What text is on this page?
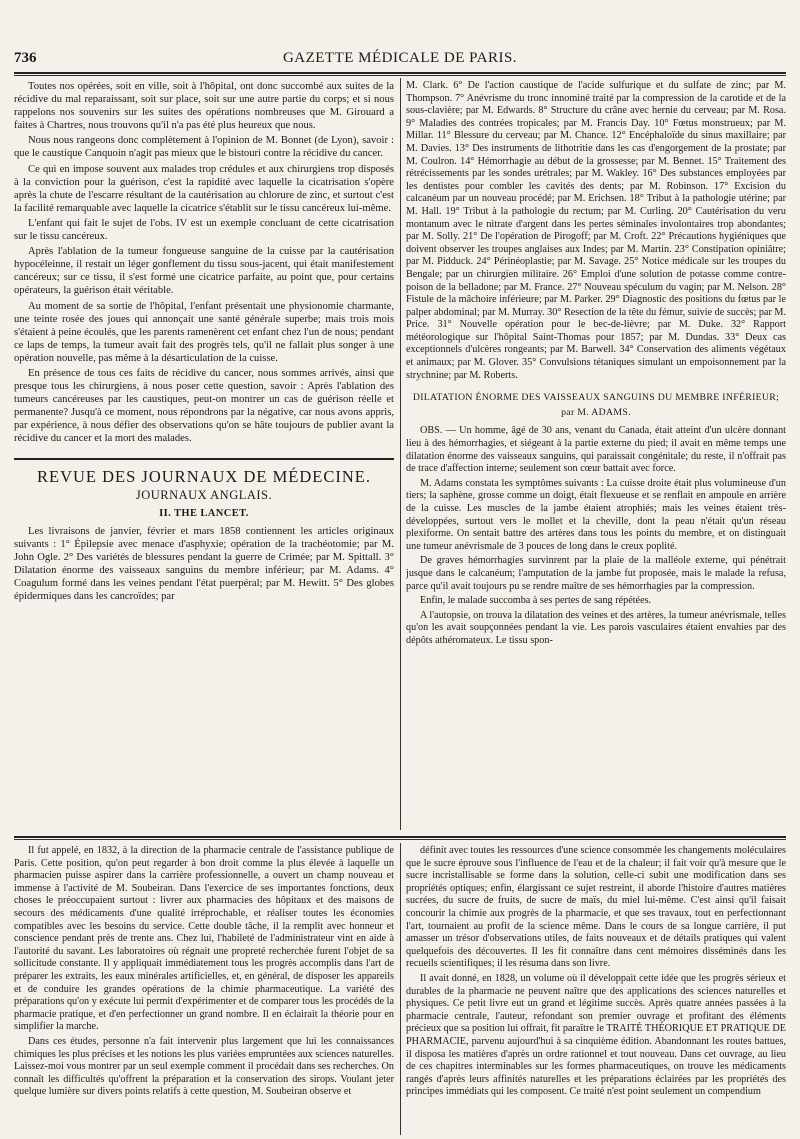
736	GAZETTE MÉDICALE DE PARIS.

Toutes nos opérées, soit en ville, soit à l'hôpital, ont donc succombé aux suites de la récidive du mal reparaissant, soit sur place, soit sur une autre partie du corps; et si nous rappelons nos souvenirs sur les suites des opérations nombreuses que M. Girouard a faites à Chartres, nous trouvons qu'il n'a pas été plus heureux que nous.

Nous nous rangeons donc complètement à l'opinion de M. Bonnet (de Lyon), savoir : que le caustique Canquoin n'agit pas mieux que le bistouri contre la récidive du cancer.

Ce qui en impose souvent aux malades trop crédules et aux chirurgiens trop disposés à la conviction pour la guérison, c'est la rapidité avec laquelle la cicatrisation s'opère après la chute de l'escarre résultant de la cautérisation au chlorure de zinc, et surtout c'est la facilité remarquable avec laquelle la cicatrice s'établit sur le tissu cancéreux lui-même.

L'enfant qui fait le sujet de l'obs. IV est un exemple concluant de cette cicatrisation sur le tissu cancéreux.

Après l'ablation de la tumeur fongueuse sanguine de la cuisse par la cautérisation hypocéleinne, il restait un léger gonflement du tissu sous-jacent, qui était manifestement cancéreux; sur ce tissu, il s'est formé une cicatrice parfaite, au point que, pour certains opérateurs, la guérison était véritable.

Au moment de sa sortie de l'hôpital, l'enfant présentait une physionomie charmante, une teinte rosée des joues qui annonçait une santé générale superbe; mais trois mois s'étaient à peine écoulés, que les parents ramenèrent cet enfant chez l'un de nous; pendant ce laps de temps, la tumeur avait fait des progrès tels, qu'il ne fallait plus songer à une opération nouvelle, pas même à la désarticulation de la cuisse.

En présence de tous ces faits de récidive du cancer, nous sommes arrivés, ainsi que presque tous les chirurgiens, à nous poser cette question, savoir : Après l'ablation des tumeurs cancéreuses par les caustiques, peut-on montrer un cas de guérison réelle et permanente? Jusqu'à ce moment, nous répondrons par la négative, car nous avons appris, par expérience, à nous défier des observations qu'on se hâte toujours de publier avant la récidive du cancer et la mort des malades.

REVUE DES JOURNAUX DE MÉDECINE.
JOURNAUX ANGLAIS.
II. THE LANCET.

Les livraisons de janvier, février et mars 1858 contiennent les articles originaux suivants : 1° Épilepsie avec menace d'asphyxie; opération de la trachéotomie; par M. John Ogle. 2° Des variétés de blessures pendant la guerre de Crimée; par M. Spittall. 3° Dilatation énorme des vaisseaux sanguins du membre inférieur; par M. Adams. 4° Coagulum formé dans les veines pendant l'état puerpéral; par M. Hewitt. 5° Des globes épidermiques dans les cancroïdes; par

M. Clark. 6° De l'action caustique de l'acide sulfurique et du sulfate de zinc; par M. Thompson. 7° Anévrisme du tronc innominé traité par la compression de la carotide et de la sous-clavière; par M. Edwards. 8° Structure du crâne avec hernie du cerveau; par M. Rosa. 9° Maladies des contrées tropicales; par M. Francis Day. 10° Fœtus monstrueux; par M. Millar. 11° Blessure du cerveau; par M. Chance. 12° Encéphaloïde du sinus maxillaire; par M. Davies. 13° Des instruments de lithotritie dans les cas d'engorgement de la prostate; par M. Coulron. 14° Hémorrhagie au début de la grossesse; par M. Bennet. 15° Traitement des rétrécissements par les sondes urétrales; par M. Wakley. 16° Des substances employées par les dentistes pour combler les cavités des dents; par M. Robinson. 17° Excision du calcanéum par un nouveau procédé; par M. Erichsen. 18° Tribut à la pathologie utérine; par M. Hall. 19° Tribut à la pathologie du rectum; par M. Curling. 20° Cautérisation du veru montanum avec le nitrate d'argent dans les pertes séminales involontaires trop abondantes; par M. Solly. 21° De l'opération de Pirogoff; par M. Croft. 22° Précautions hygiéniques que doivent observer les troupes anglaises aux Indes; par M. Martin. 23° Constipation opiniâtre; par M. Pidduck. 24° Périnéoplastie; par M. Savage. 25° Notice médicale sur les troupes du Bengale; par un chirurgien militaire. 26° Emploi d'une solution de potasse comme contre-poison de la belladone; par M. France. 27° Nouveau spéculum du vagin; par M. Nelson. 28° Fistule de la mâchoire inférieure; par M. Parker. 29° Diagnostic des positions du fœtus par le palper abdominal; par M. Murray. 30° Resection de la tête du fémur, suivie de succès; par M. Price. 31° Nouvelle opération pour le bec-de-lièvre; par M. Duke. 32° Rapport météorologique sur l'hôpital Saint-Thomas pour 1857; par M. Dundas. 33° Deux cas exceptionnels d'ulcères rongeants; par M. Barwell. 34° Conservation des aliments végétaux et animaux; par M. Glover. 35° Convulsions tétaniques simulant un empoisonnement par la strychnine; par M. Roberts.

DILATATION ÉNORME DES VAISSEAUX SANGUINS DU MEMBRE INFÉRIEUR;
par M. ADAMS.

OBS. — Un homme, âgé de 30 ans, venant du Canada, était atteint d'un ulcère donnant lieu à des hémorrhagies, et siégeant à la partie externe du pied; il avait en même temps une dilatation énorme des vaisseaux sanguins, qui paraissait congénitale; du reste, il n'offrait pas de trace d'affection interne; seulement son cœur battait avec force.

M. Adams constata les symptômes suivants : La cuisse droite était plus volumineuse d'un tiers; la saphène, grosse comme un doigt, était flexueuse et se renflait en ampoule en arrière de la cuisse. Les muscles de la jambe étaient atrophiés; mais les veines étaient très-développées, surtout vers le mollet et la cheville, dont la peau n'était qu'un réseau plexiforme. On sentait battre des artères dans tous les points du membre, et on distinguait une tumeur anévrismale de 3 pouces de long dans le creux poplité.

De graves hémorrhagies survinrent par la plaie de la malléole externe, qui pénétrait jusque dans le calcanéum; l'amputation de la jambe fut proposée, mais le malade la refusa, parce qu'il avait toujours pu se rendre maître de ses hémorrhagies par la compression.

Enfin, le malade succomba à ses pertes de sang répétées.

A l'autopsie, on trouva la dilatation des veines et des artères, la tumeur anévrismale, telles qu'on les avait soupçonnées pendant la vie. Les parois vasculaires étaient envahies par des dépôts athéromateux. Le tissu spon-

Il fut appelé, en 1832, à la direction de la pharmacie centrale de l'assistance publique de Paris. Cette position, qu'on peut regarder à bon droit comme la plus élevée à laquelle un pharmacien puisse aspirer dans la carrière professionnelle, a ouvert un champ nouveau et immense à l'activité de M. Soubeiran. Dans l'exercice de ses importantes fonctions, deux choses le préoccupaient surtout : livrer aux pharmacies des hôpitaux et des maisons de secours des médicaments d'une qualité irréprochable, et réaliser toutes les économies compatibles avec les besoins du service. Cette double tâche, il la remplit avec honneur et conscience pendant près de trente ans. Chez lui, l'habileté de l'administrateur vint en aide à l'autorité du savant. Les laboratoires où régnait une propreté recherchée furent l'objet de sa sollicitude constante. Il y appliquait immédiatement tous les progrès accomplis dans l'art de préparer les extraits, les eaux minérales artificielles, et, en général, de disposer les appareils et de conduire les grandes opérations de la chimie pharmaceutique. La variété des préparations qu'on y exécute lui permit d'expérimenter et de comparer tous les procédés de la pharmacie pratique, et d'en perfectionner un grand nombre. Il en éclairait la théorie pour en simplifier la marche.

Dans ces études, personne n'a fait intervenir plus largement que lui les connaissances chimiques les plus précises et les notions les plus variées empruntées aux sciences naturelles. Laissez-moi vous montrer par un seul exemple comment il procédait dans ses recherches. On connaît les difficultés qu'offrent la préparation et la conservation des sirops. Voulant jeter quelque lumière sur divers points relatifs à cette question, M. Soubeiran observe et

définit avec toutes les ressources d'une science consommée les changements moléculaires que le sucre éprouve sous l'influence de l'eau et de la chaleur; il fait voir qu'à mesure que le sucre incristallisable se forme dans la solution, celle-ci subit une modification dans ses propriétés optiques; enfin, élargissant ce sujet restreint, il aborde l'histoire d'autres matières sucrées, du sucre de fruits, de sucre de maïs, du miel lui-même. C'est ainsi qu'il faisait concourir la chimie aux progrès de la pharmacie, et que ses travaux, tout en perfectionnant l'art, tournaient au profit de la science même. Dans le cours de sa longue carrière, il put amasser un trésor d'observations utiles, de faits nouveaux et de détails pratiques qui valent quelquefois des découvertes. Il les fit connaître dans cent mémoires disséminés dans les recueils scientifiques; il les résuma dans son livre.

Il avait donné, en 1828, un volume où il développait cette idée que les progrès sérieux et durables de la pharmacie ne peuvent naître que des applications des sciences naturelles et physiques. Ce petit livre eut un grand et légitime succès. Après quatre années passées à la pharmacie centrale, l'auteur, refondant son premier ouvrage et profitant des éléments précieux que sa position lui offrait, fit paraître le TRAITÉ THÉORIQUE ET PRATIQUE DE PHARMACIE, parvenu aujourd'hui à sa cinquième édition. Abandonnant les routes battues, il disposa les matières d'après un ordre rationnel et tout nouveau. Dans cet ouvrage, au lieu de ces chapitres interminables sur les formes pharmaceutiques, on trouve les médicaments rangés d'après leurs affinités naturelles et les préparations éclairées par les propriétés des principes immédiats qui les composent. Ce traité n'est point seulement un compendium
